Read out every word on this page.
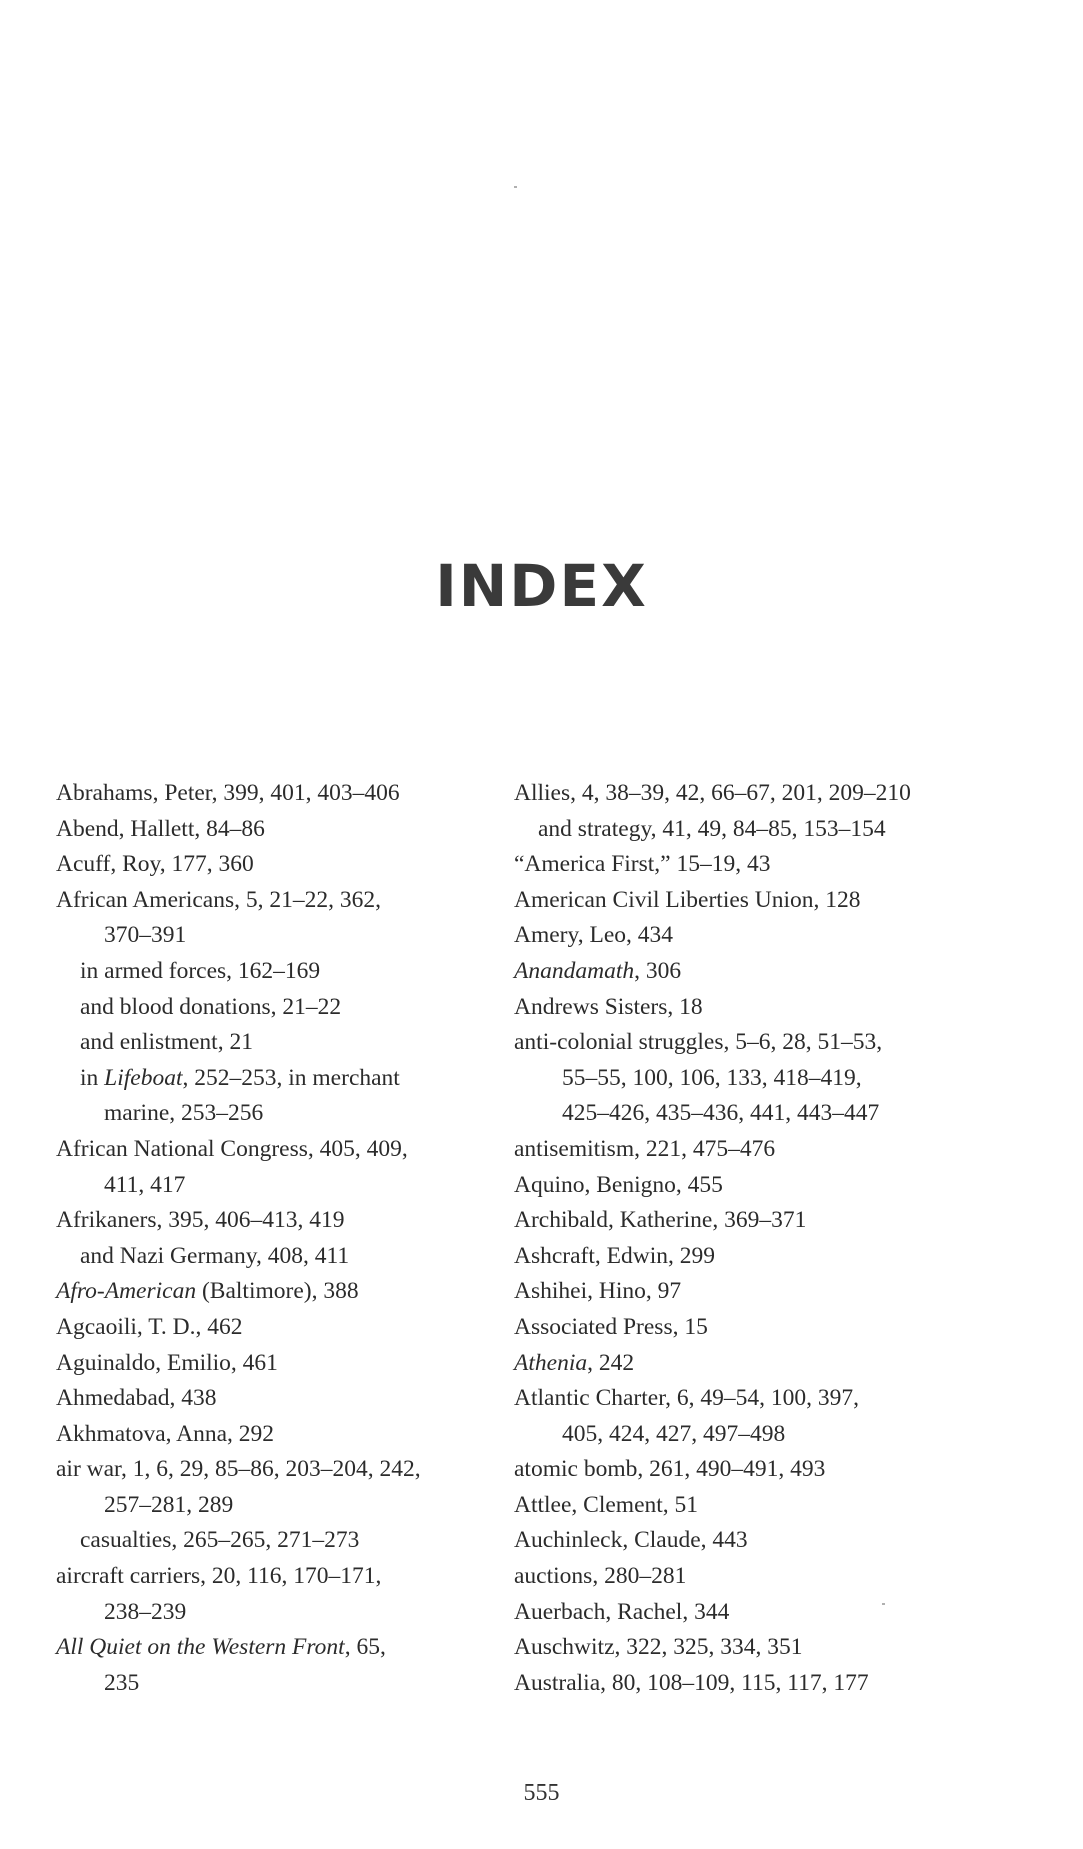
INDEX

Abrahams, Peter, 399, 401, 403–406

Abend, Hallett, 84–86

Acuff, Roy, 177, 360

African Americans, 5, 21–22, 362,

370–391

in armed forces, 162–169

and blood donations, 21–22

and enlistment, 21

in Lifeboat, 252–253, in merchant

marine, 253–256

African National Congress, 405, 409,

411, 417

Afrikaners, 395, 406–413, 419

and Nazi Germany, 408, 411

Afro-American (Baltimore), 388

Agcaoili, T. D., 462

Aguinaldo, Emilio, 461

Ahmedabad, 438

Akhmatova, Anna, 292

air war, 1, 6, 29, 85–86, 203–204, 242,

257–281, 289

casualties, 265–265, 271–273

aircraft carriers, 20, 116, 170–171,

238–239

All Quiet on the Western Front, 65,

235

Allies, 4, 38–39, 42, 66–67, 201, 209–210

and strategy, 41, 49, 84–85, 153–154

“America First,” 15–19, 43

American Civil Liberties Union, 128

Amery, Leo, 434

Anandamath, 306

Andrews Sisters, 18

anti-colonial struggles, 5–6, 28, 51–53,

55–55, 100, 106, 133, 418–419,

425–426, 435–436, 441, 443–447

antisemitism, 221, 475–476

Aquino, Benigno, 455

Archibald, Katherine, 369–371

Ashcraft, Edwin, 299

Ashihei, Hino, 97

Associated Press, 15

Athenia, 242

Atlantic Charter, 6, 49–54, 100, 397,

405, 424, 427, 497–498

atomic bomb, 261, 490–491, 493

Attlee, Clement, 51

Auchinleck, Claude, 443

auctions, 280–281

Auerbach, Rachel, 344

Auschwitz, 322, 325, 334, 351

Australia, 80, 108–109, 115, 117, 177

555
